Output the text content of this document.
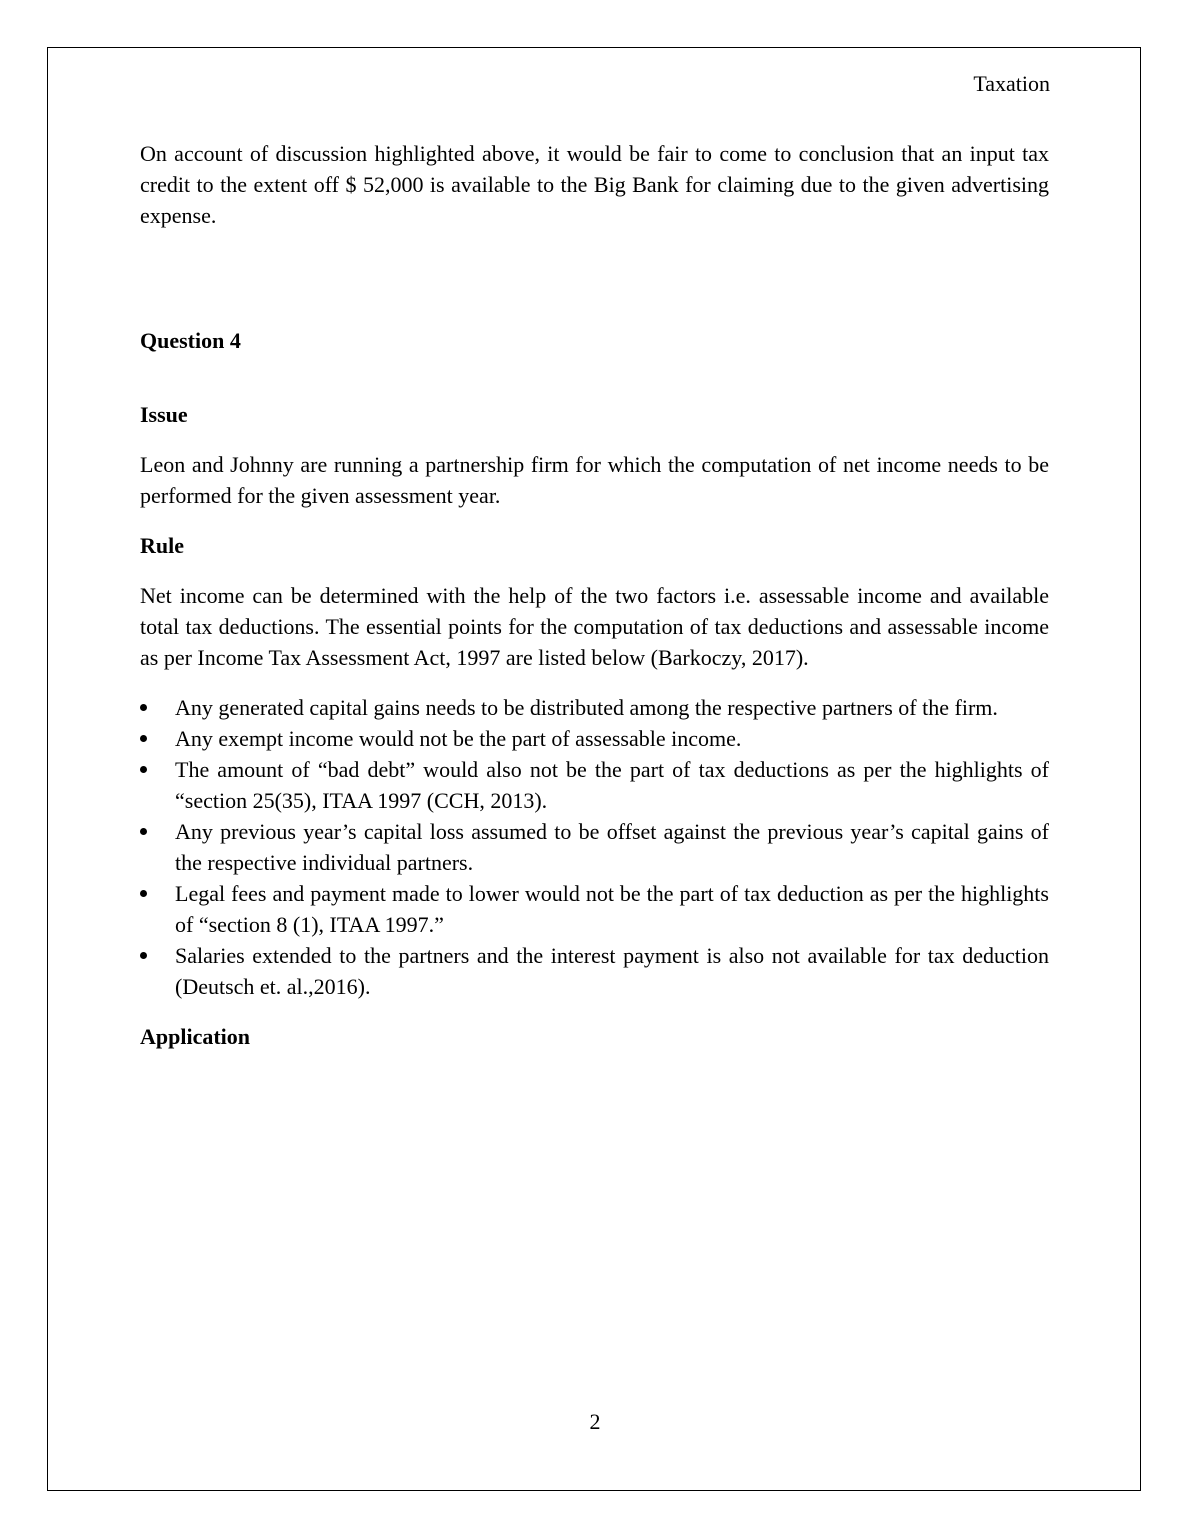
Taxation

On account of discussion highlighted above, it would be fair to come to conclusion that an input tax credit to the extent off $ 52,000 is available to the Big Bank for claiming due to the given advertising expense.

Question 4

Issue

Leon and Johnny are running a partnership firm for which the computation of net income needs to be performed for the given assessment year.

Rule

Net income can be determined with the help of the two factors i.e. assessable income and available total tax deductions. The essential points for the computation of tax deductions and assessable income as per Income Tax Assessment Act, 1997 are listed below (Barkoczy, 2017).

Any generated capital gains needs to be distributed among the respective partners of the firm.
Any exempt income would not be the part of assessable income.
The amount of “bad debt” would also not be the part of tax deductions as per the highlights of “section 25(35), ITAA 1997 (CCH, 2013).
Any previous year’s capital loss assumed to be offset against the previous year’s capital gains of the respective individual partners.
Legal fees and payment made to lower would not be the part of tax deduction as per the highlights of “section 8 (1), ITAA 1997.”
Salaries extended to the partners and the interest payment is also not available for tax deduction (Deutsch et. al.,2016).

Application

2
